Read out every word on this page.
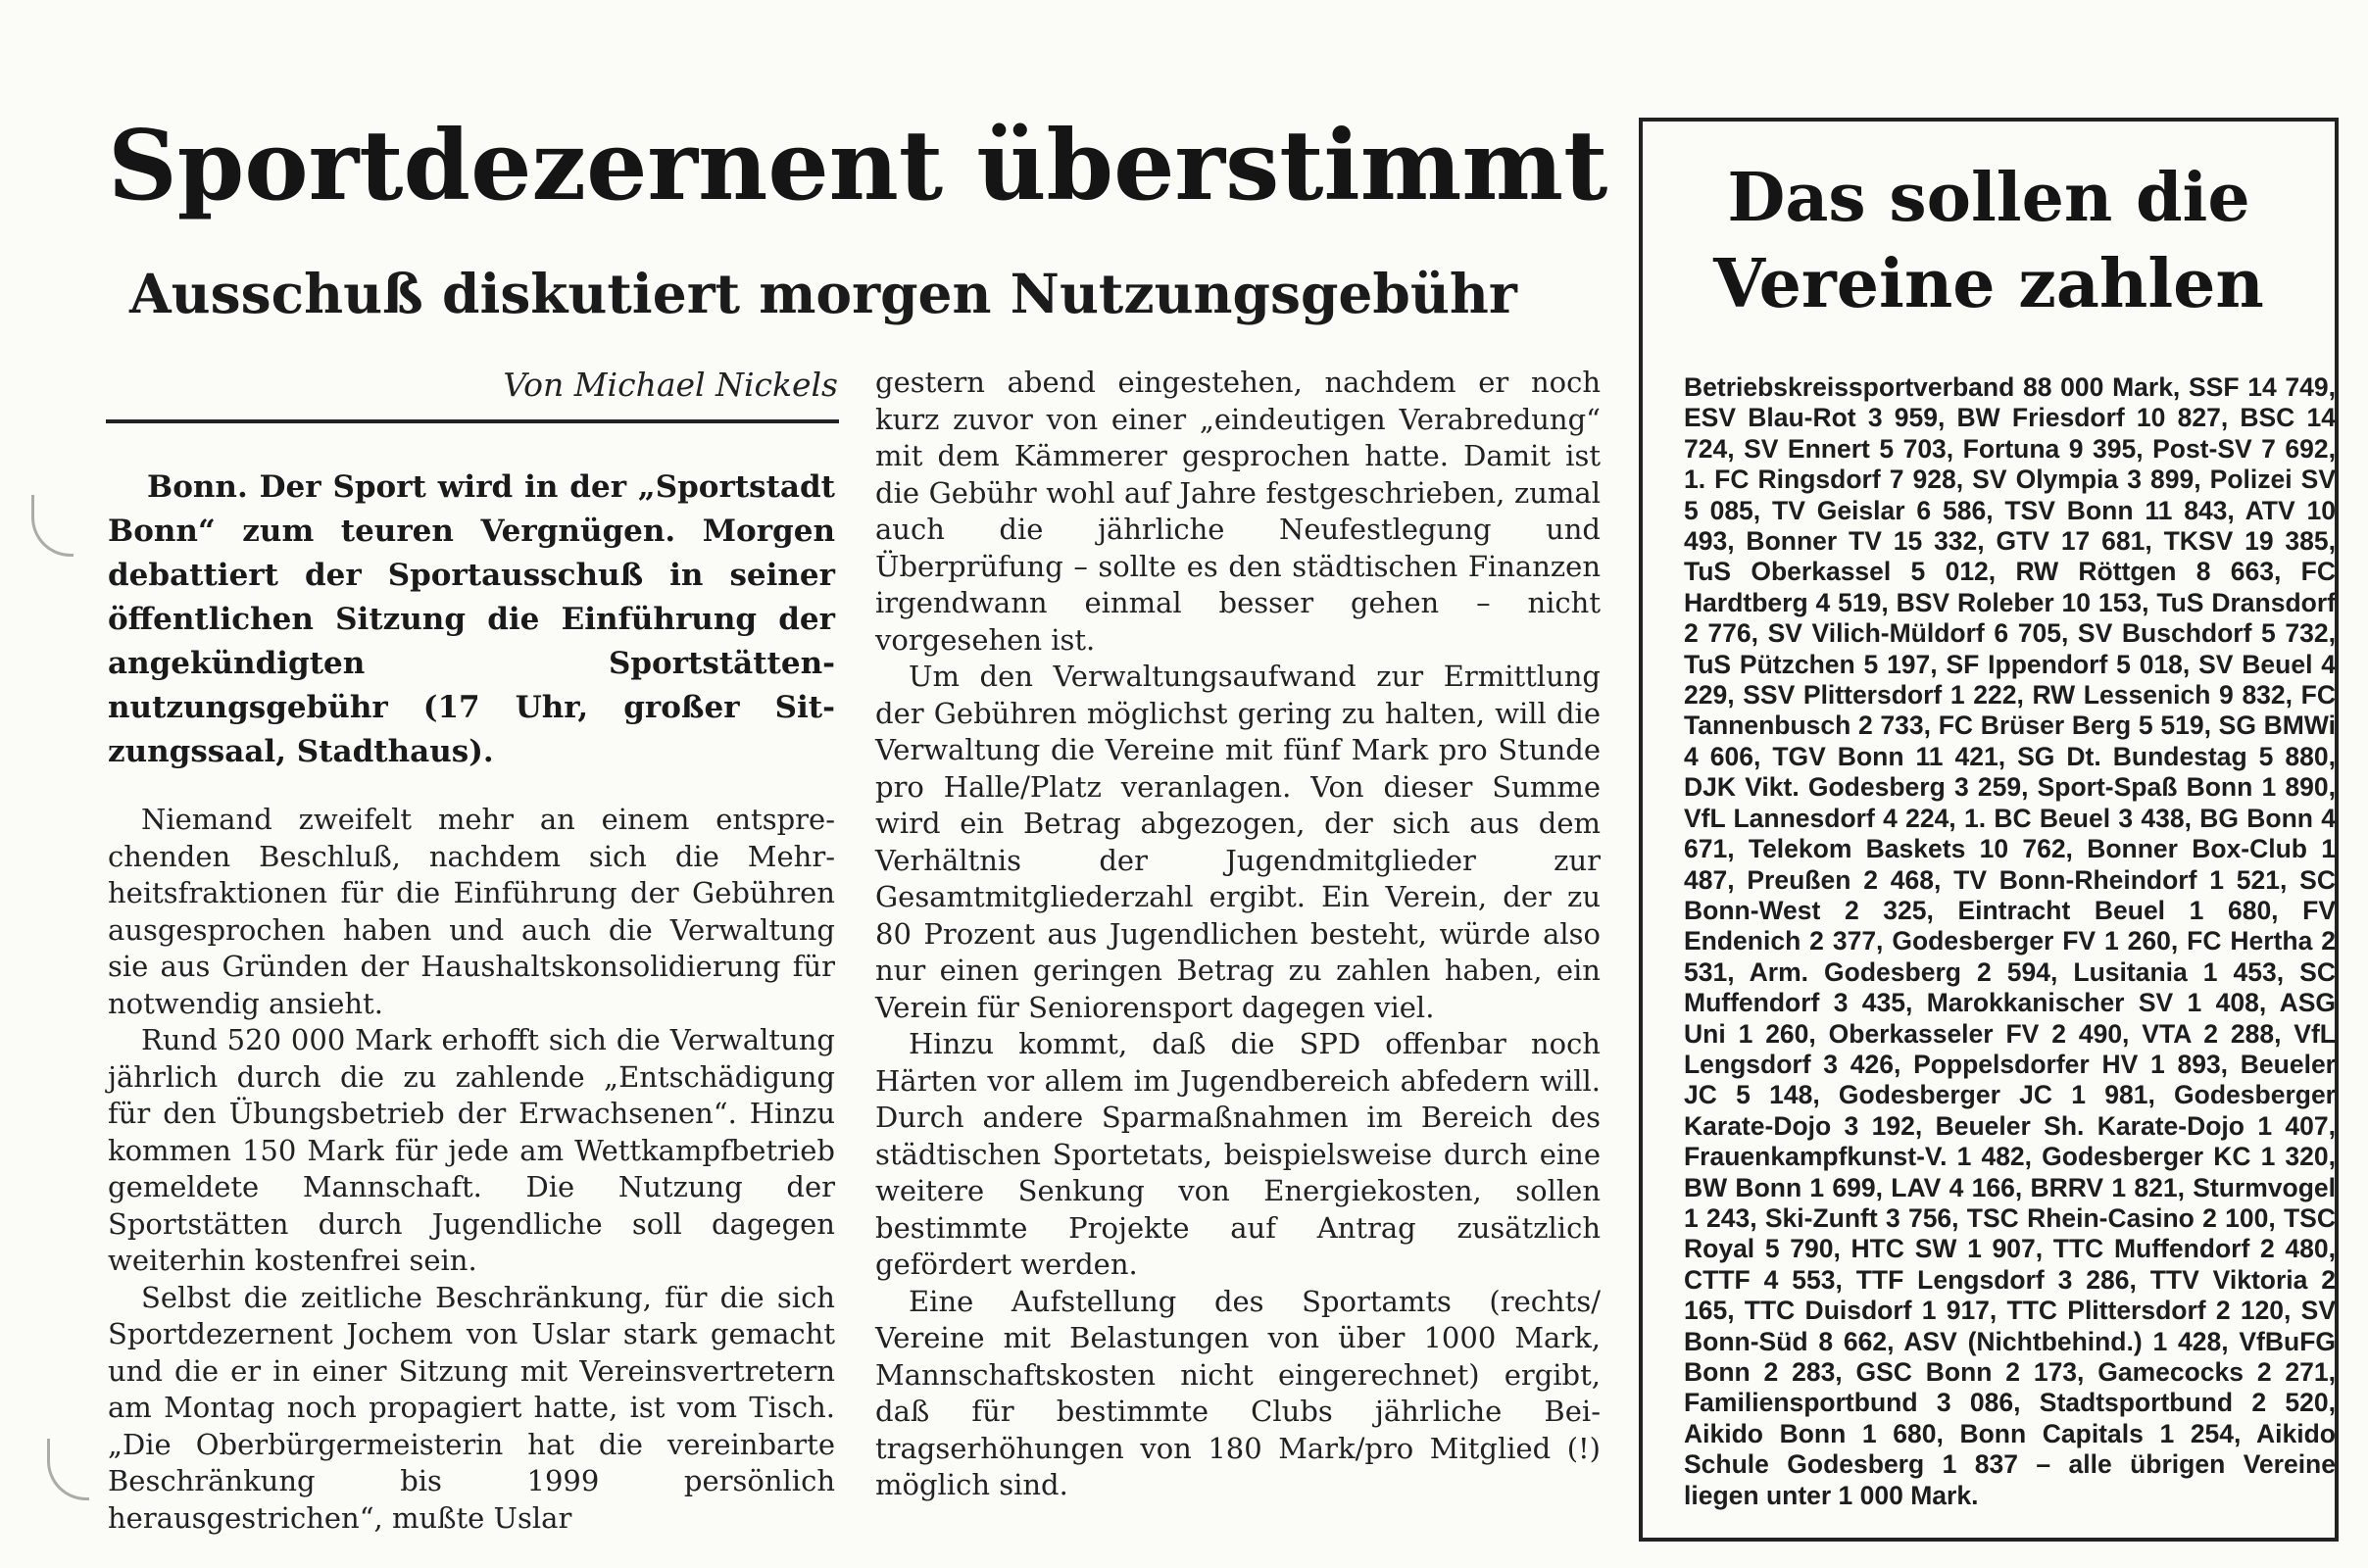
Sportdezernent überstimmt
Ausschuß diskutiert morgen Nutzungsgebühr
Von Michael Nickels

Bonn. Der Sport wird in der „Sportstadt Bonn“ zum teuren Vergnügen. Morgen debattiert der Sportausschuß in seiner öffentlichen Sitzung die Einführung der angekündigten Sportstättennutzungsgebühr (17 Uhr, großer Sitzungssaal, Stadthaus).

Niemand zweifelt mehr an einem entsprechenden Beschluß, nachdem sich die Mehrheitsfraktionen für die Einführung der Gebühren ausgesprochen haben und auch die Verwaltung sie aus Gründen der Haushaltskonsolidierung für notwendig ansieht.

Rund 520 000 Mark erhofft sich die Verwaltung jährlich durch die zu zahlende „Entschädigung für den Übungsbetrieb der Erwachsenen“. Hinzu kommen 150 Mark für jede am Wettkampfbetrieb gemeldete Mannschaft. Die Nutzung der Sportstätten durch Jugendliche soll dagegen weiterhin kostenfrei sein.

Selbst die zeitliche Beschränkung, für die sich Sportdezernent Jochem von Uslar stark gemacht und die er in einer Sitzung mit Vereinsvertretern am Montag noch propagiert hatte, ist vom Tisch. „Die Oberbürgermeisterin hat die vereinbarte Beschränkung bis 1999 persönlich herausgestrichen“, mußte Uslar

gestern abend eingestehen, nachdem er noch kurz zuvor von einer „eindeutigen Verabredung“ mit dem Kämmerer gesprochen hatte. Damit ist die Gebühr wohl auf Jahre festgeschrieben, zumal auch die jährliche Neufestlegung und Überprüfung – sollte es den städtischen Finanzen irgendwann einmal besser gehen – nicht vorgesehen ist.

Um den Verwaltungsaufwand zur Ermittlung der Gebühren möglichst gering zu halten, will die Verwaltung die Vereine mit fünf Mark pro Stunde pro Halle/Platz veranlagen. Von dieser Summe wird ein Betrag abgezogen, der sich aus dem Verhältnis der Jugendmitglieder zur Gesamtmitgliederzahl ergibt. Ein Verein, der zu 80 Prozent aus Jugendlichen besteht, würde also nur einen geringen Betrag zu zahlen haben, ein Verein für Seniorensport dagegen viel.

Hinzu kommt, daß die SPD offenbar noch Härten vor allem im Jugendbereich abfedern will. Durch andere Sparmaßnahmen im Bereich des städtischen Sportetats, beispielsweise durch eine weitere Senkung von Energiekosten, sollen bestimmte Projekte auf Antrag zusätzlich gefördert werden.

Eine Aufstellung des Sportamts (rechts/ Vereine mit Belastungen von über 1000 Mark, Mannschaftskosten nicht eingerechnet) ergibt, daß für bestimmte Clubs jährliche Beitragserhöhungen von 180 Mark/pro Mitglied (!) möglich sind.

Das sollen die
Vereine zahlen

Betriebskreissportverband 88 000 Mark, SSF 14 749, ESV Blau-Rot 3 959, BW Friesdorf 10 827, BSC 14 724, SV Ennert 5 703, Fortuna 9 395, Post-SV 7 692, 1. FC Ringsdorf 7 928, SV Olympia 3 899, Polizei SV 5 085, TV Geislar 6 586, TSV Bonn 11 843, ATV 10 493, Bonner TV 15 332, GTV 17 681, TKSV 19 385, TuS Oberkassel 5 012, RW Röttgen 8 663, FC Hardtberg 4 519, BSV Roleber 10 153, TuS Dransdorf 2 776, SV Vilich-Müldorf 6 705, SV Buschdorf 5 732, TuS Pützchen 5 197, SF Ippendorf 5 018, SV Beuel 4 229, SSV Plittersdorf 1 222, RW Lessenich 9 832, FC Tannenbusch 2 733, FC Brüser Berg 5 519, SG BMWi 4 606, TGV Bonn 11 421, SG Dt. Bundestag 5 880, DJK Vikt. Godesberg 3 259, Sport-Spaß Bonn 1 890, VfL Lannesdorf 4 224, 1. BC Beuel 3 438, BG Bonn 4 671, Telekom Baskets 10 762, Bonner Box-Club 1 487, Preußen 2 468, TV Bonn-Rheindorf 1 521, SC Bonn-West 2 325, Eintracht Beuel 1 680, FV Endenich 2 377, Godesberger FV 1 260, FC Hertha 2 531, Arm. Godesberg 2 594, Lusitania 1 453, SC Muffendorf 3 435, Marokkanischer SV 1 408, ASG Uni 1 260, Oberkasseler FV 2 490, VTA 2 288, VfL Lengsdorf 3 426, Poppelsdorfer HV 1 893, Beueler JC 5 148, Godesberger JC 1 981, Godesberger Karate-Dojo 3 192, Beueler Sh. Karate-Dojo 1 407, Frauenkampfkunst-V. 1 482, Godesberger KC 1 320, BW Bonn 1 699, LAV 4 166, BRRV 1 821, Sturmvogel 1 243, Ski-Zunft 3 756, TSC Rhein-Casino 2 100, TSC Royal 5 790, HTC SW 1 907, TTC Muffendorf 2 480, CTTF 4 553, TTF Lengsdorf 3 286, TTV Viktoria 2 165, TTC Duisdorf 1 917, TTC Plittersdorf 2 120, SV Bonn-Süd 8 662, ASV (Nichtbehind.) 1 428, VfBuFG Bonn 2 283, GSC Bonn 2 173, Gamecocks 2 271, Familiensportbund 3 086, Stadtsportbund 2 520, Aikido Bonn 1 680, Bonn Capitals 1 254, Aikido Schule Godesberg 1 837 – alle übrigen Vereine liegen unter 1 000 Mark.
